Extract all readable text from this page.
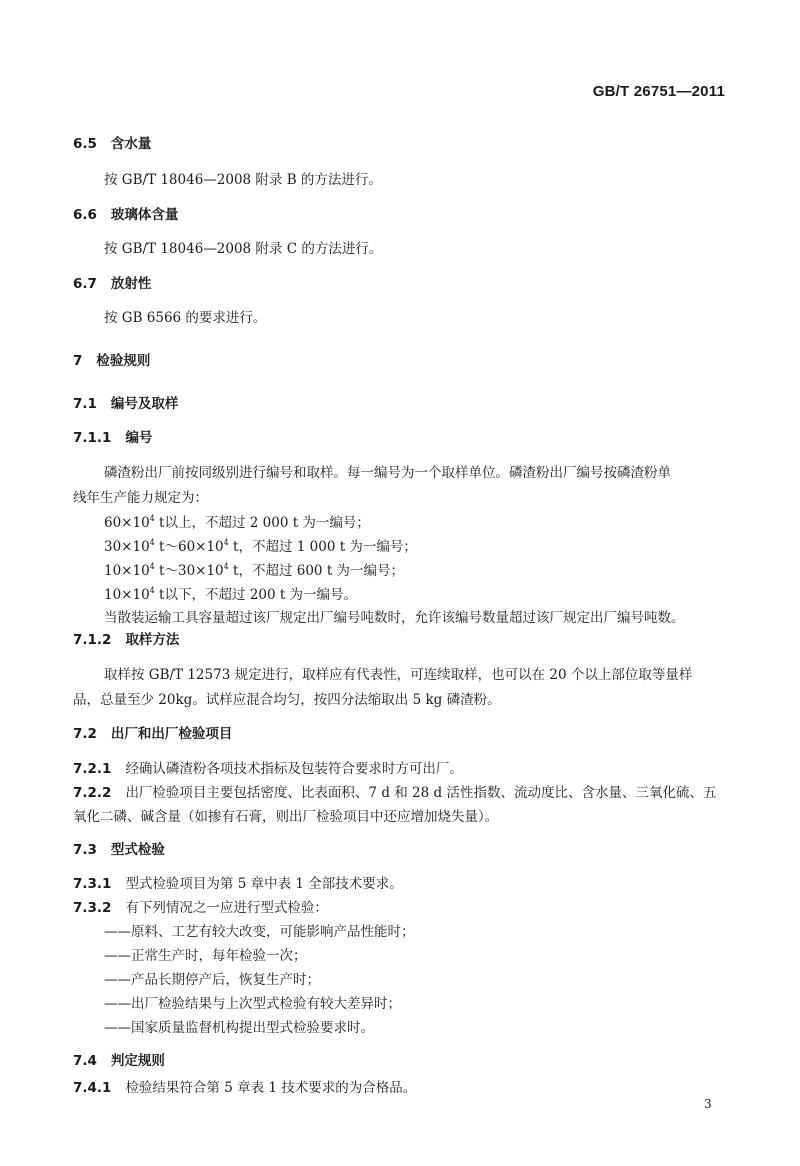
GB/T 26751—2011
6.5 含水量
按 GB/T 18046—2008 附录 B 的方法进行。
6.6 玻璃体含量
按 GB/T 18046—2008 附录 C 的方法进行。
6.7 放射性
按 GB 6566 的要求进行。
7 检验规则
7.1 编号及取样
7.1.1 编号
磷渣粉出厂前按同级别进行编号和取样。每一编号为一个取样单位。磷渣粉出厂编号按磷渣粉单
线年生产能力规定为：
$60\times 10^4$ t以上，不超过 2 000 t 为一编号；
$30\times 10^4$ $t\sim 60\times 10^4$ t，不超过 1 000 t 为一编号；
$10\times 10^4$ $t\sim 30\times 10^4$ t，不超过 600 t 为一编号；
$10\times 10^4$ t以下，不超过 200 t 为一编号。
当散装运输工具容量超过该厂规定出厂编号吨数时，允许该编号数量超过该厂规定出厂编号吨数。
7.1.2 取样方法
取样按 GB/T 12573 规定进行，取样应有代表性，可连续取样，也可以在 20 个以上部位取等量样
品，总量至少 20kg。试样应混合均匀，按四分法缩取出 5 kg 磷渣粉。
7.2 出厂和出厂检验项目
7.2.1 经确认磷渣粉各项技术指标及包装符合要求时方可出厂。
7.2.2 出厂检验项目主要包括密度、比表面积、7 d 和 28 d 活性指数、流动度比、含水量、三氧化硫、五
氧化二磷、碱含量（如掺有石膏，则出厂检验项目中还应增加烧失量）。
7.3 型式检验
7.3.1 型式检验项目为第 5 章中表 1 全部技术要求。
7.3.2 有下列情况之一应进行型式检验：
——原料、工艺有较大改变，可能影响产品性能时；
——正常生产时，每年检验一次；
——产品长期停产后，恢复生产时；
——出厂检验结果与上次型式检验有较大差异时；
——国家质量监督机构提出型式检验要求时。
7.4 判定规则
7.4.1 检验结果符合第 5 章表 1 技术要求的为合格品。
3
